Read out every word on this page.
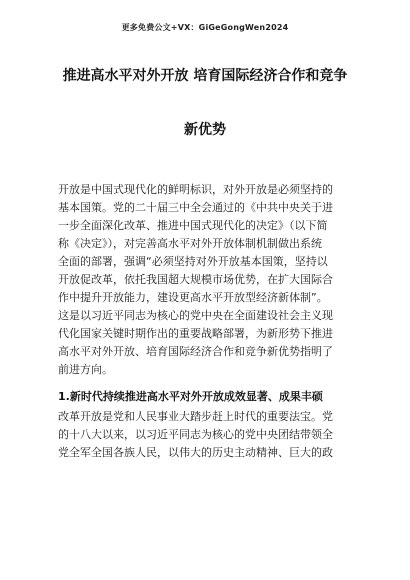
更多免费公文+VX：GiGeGongWen2024
推进高水平对外开放 培育国际经济合作和竞争
新优势
开放是中国式现代化的鲜明标识，对外开放是必须坚持的
基本国策。党的二十届三中全会通过的《中共中央关于进
一步全面深化改革、推进中国式现代化的决定》（以下简
称《决定》），对完善高水平对外开放体制机制做出系统
全面的部署，强调“必须坚持对外开放基本国策，坚持以
开放促改革，依托我国超大规模市场优势，在扩大国际合
作中提升开放能力，建设更高水平开放型经济新体制”。
这是以习近平同志为核心的党中央在全面建设社会主义现
代化国家关键时期作出的重要战略部署，为新形势下推进
高水平对外开放、培育国际经济合作和竞争新优势指明了
前进方向。
1.新时代持续推进高水平对外开放成效显著、成果丰硕
改革开放是党和人民事业大踏步赶上时代的重要法宝。党
的十八大以来，以习近平同志为核心的党中央团结带领全
党全军全国各族人民，以伟大的历史主动精神、巨大的政
